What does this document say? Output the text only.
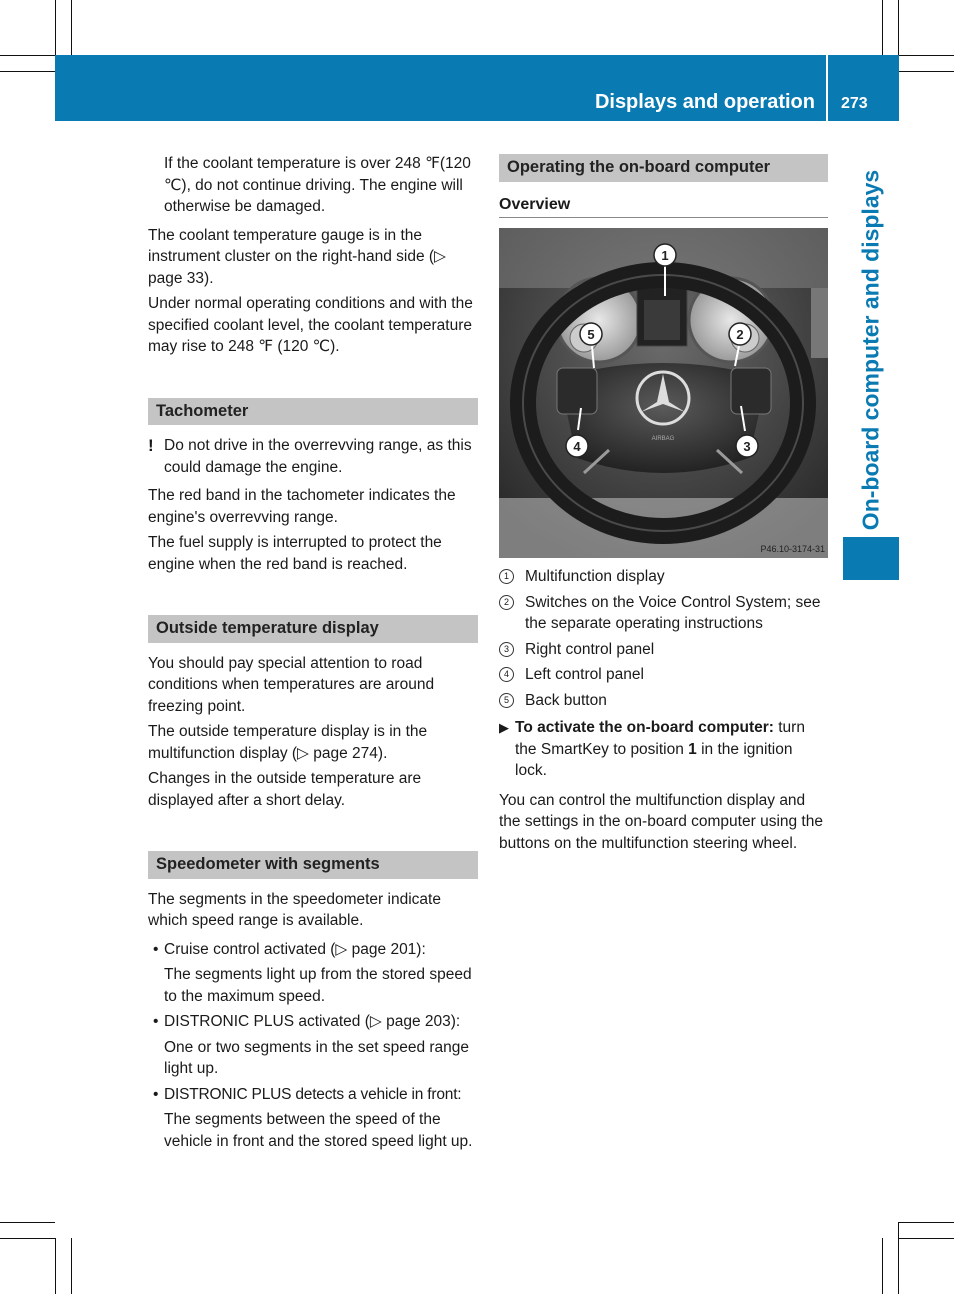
Displays and operation 273
On-board computer and displays

If the coolant temperature is over 248 ℉(120 ℃), do not continue driving. The engine will otherwise be damaged.

The coolant temperature gauge is in the instrument cluster on the right-hand side (▷ page 33).

Under normal operating conditions and with the specified coolant level, the coolant temperature may rise to 248 ℉ (120 ℃).

Tachometer
! Do not drive in the overrevving range, as this could damage the engine.

The red band in the tachometer indicates the engine's overrevving range.

The fuel supply is interrupted to protect the engine when the red band is reached.

Outside temperature display

You should pay special attention to road conditions when temperatures are around freezing point.

The outside temperature display is in the multifunction display (▷ page 274).

Changes in the outside temperature are displayed after a short delay.

Speedometer with segments

The segments in the speedometer indicate which speed range is available.

• Cruise control activated (▷ page 201):

The segments light up from the stored speed to the maximum speed.

• DISTRONIC PLUS activated (▷ page 203):

One or two segments in the set speed range light up.

• DISTRONIC PLUS detects a vehicle in front:

The segments between the speed of the vehicle in front and the stored speed light up.

Operating the on-board computer
Overview
AIRBAG
1
2
3
4
5
P46.10-3174-31
1	Multifunction display
2	Switches on the Voice Control System; see the separate operating instructions
3	Right control panel
4	Left control panel
5	Back button
▶ To activate the on-board computer: turn the SmartKey to position 1 in the ignition lock.

You can control the multifunction display and the settings in the on-board computer using the buttons on the multifunction steering wheel.
